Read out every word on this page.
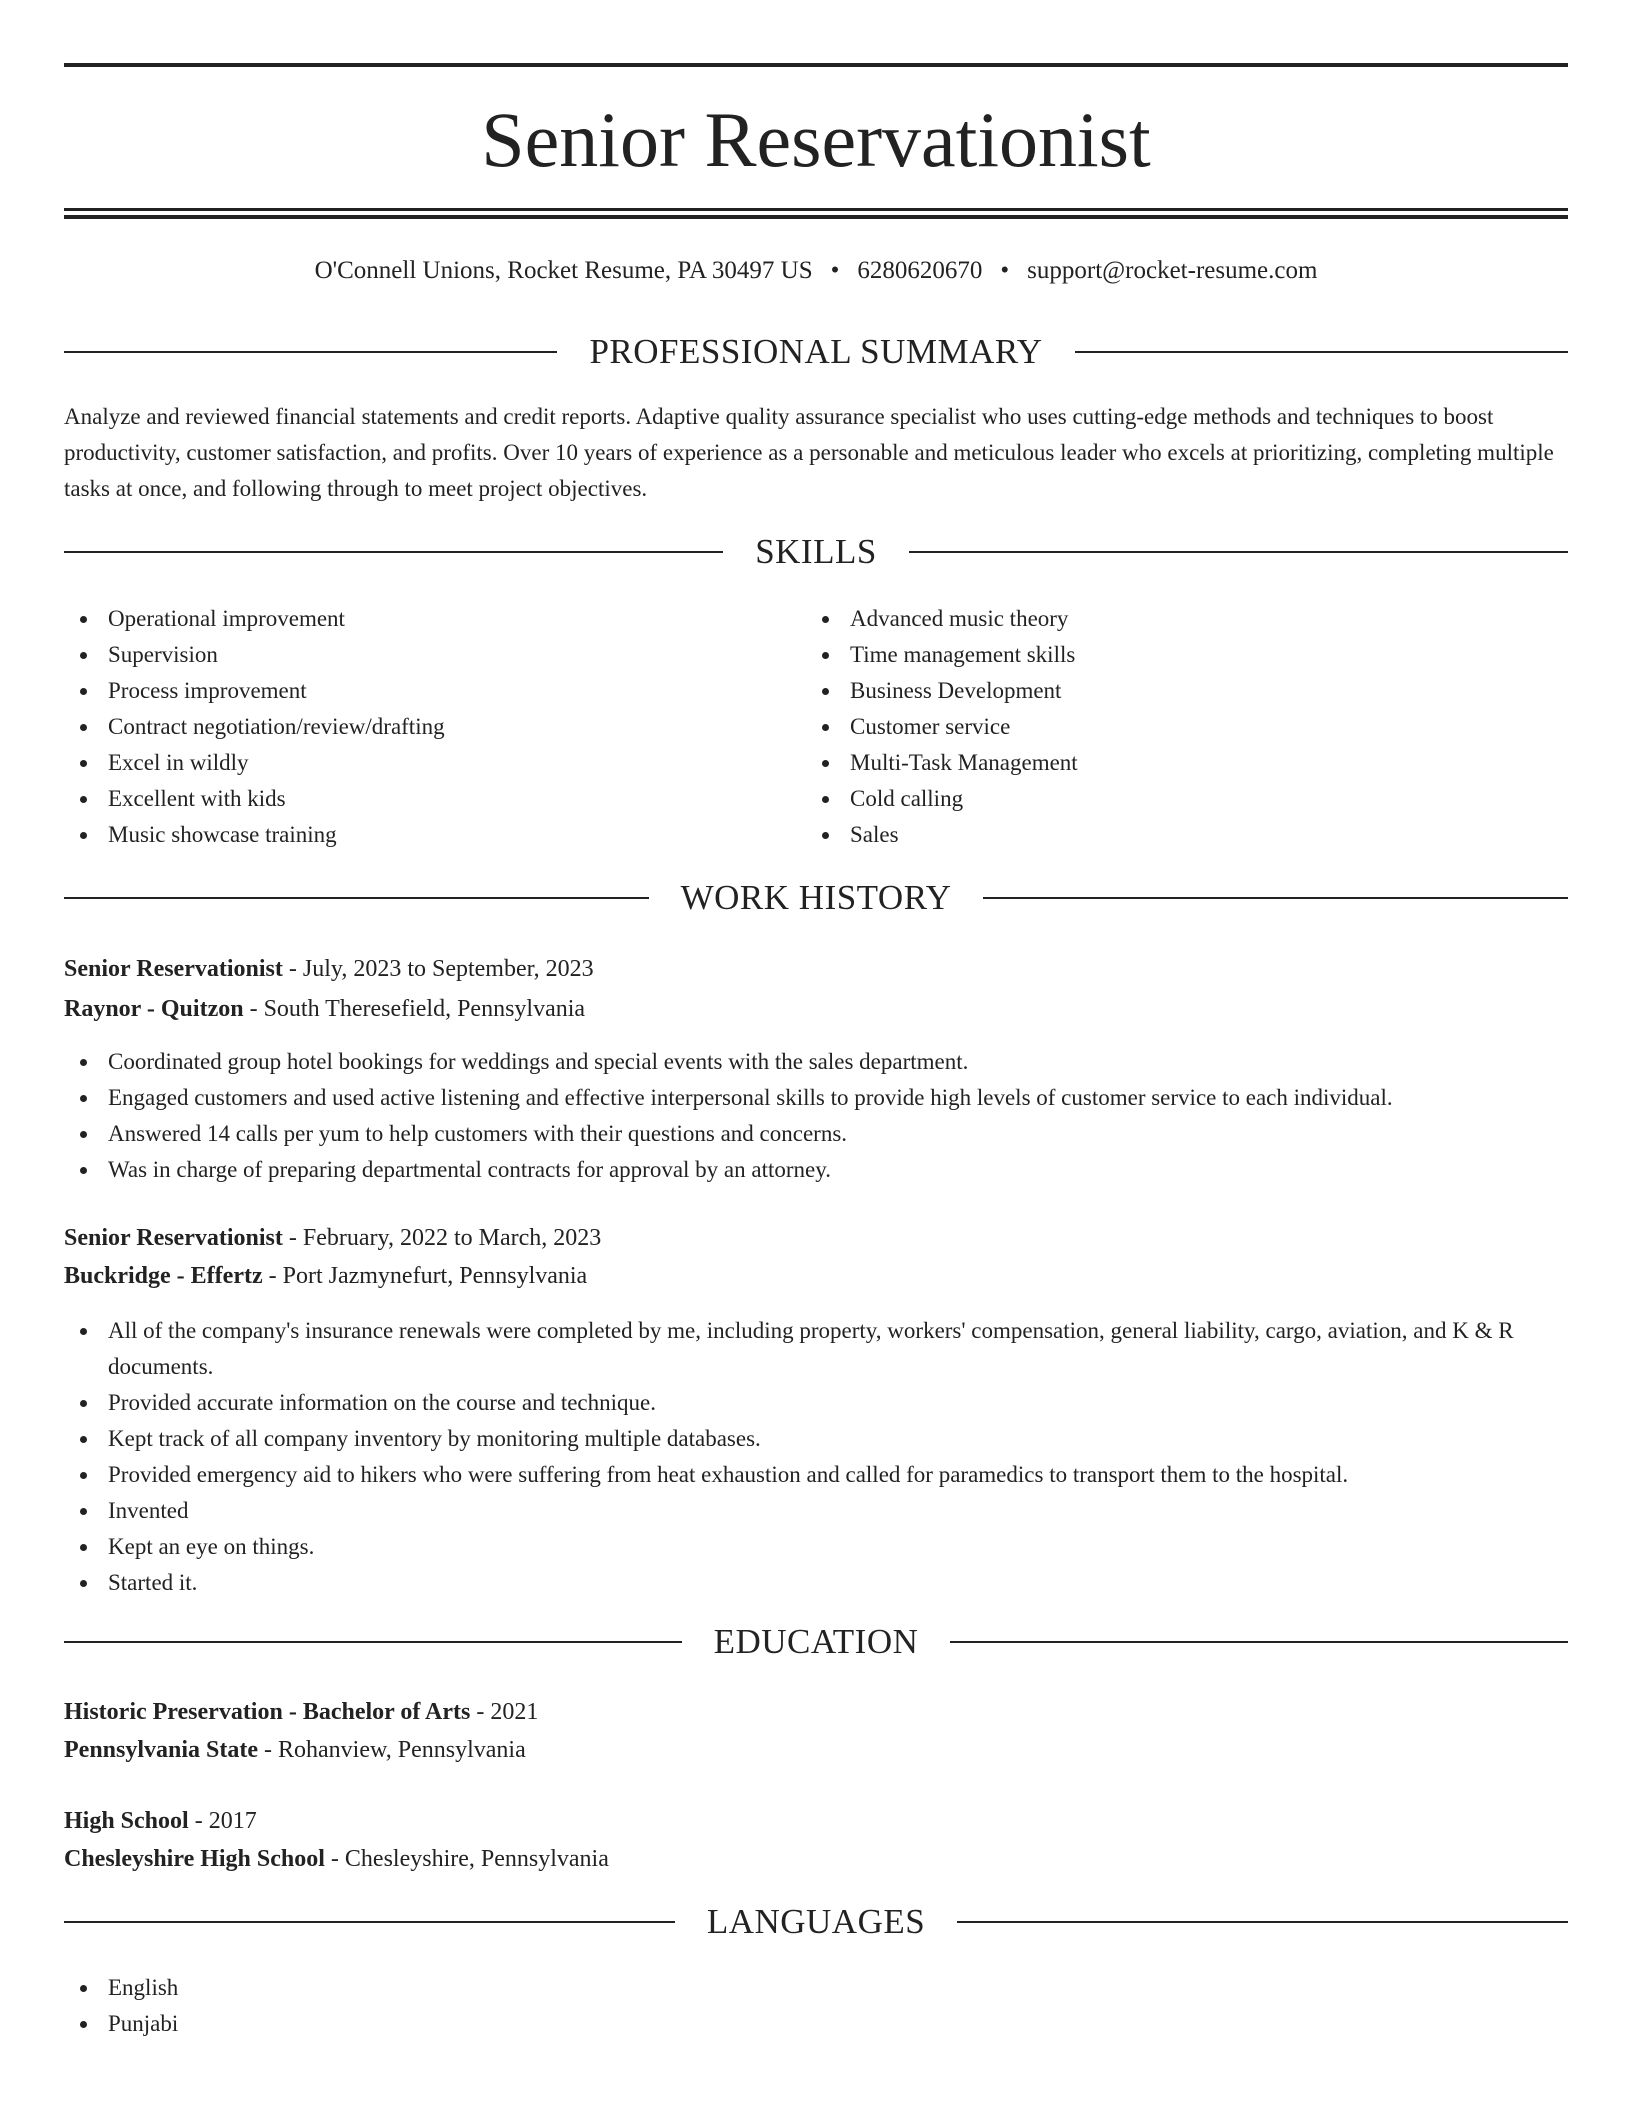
Senior Reservationist
O'Connell Unions, Rocket Resume, PA 30497 US • 6280620670 • support@rocket-resume.com
PROFESSIONAL SUMMARY

Analyze and reviewed financial statements and credit reports. Adaptive quality assurance specialist who uses cutting-edge methods and techniques to boost productivity, customer satisfaction, and profits. Over 10 years of experience as a personable and meticulous leader who excels at prioritizing, completing multiple tasks at once, and following through to meet project objectives.

SKILLS
Operational improvement
Supervision
Process improvement
Contract negotiation/review/drafting
Excel in wildly
Excellent with kids
Music showcase training
Advanced music theory
Time management skills
Business Development
Customer service
Multi-Task Management
Cold calling
Sales
WORK HISTORY
Senior Reservationist - July, 2023 to September, 2023
Raynor - Quitzon - South Theresefield, Pennsylvania
Coordinated group hotel bookings for weddings and special events with the sales department.
Engaged customers and used active listening and effective interpersonal skills to provide high levels of customer service to each individual.
Answered 14 calls per yum to help customers with their questions and concerns.
Was in charge of preparing departmental contracts for approval by an attorney.
Senior Reservationist - February, 2022 to March, 2023
Buckridge - Effertz - Port Jazmynefurt, Pennsylvania
All of the company's insurance renewals were completed by me, including property, workers' compensation, general liability, cargo, aviation, and K & R documents.
Provided accurate information on the course and technique.
Kept track of all company inventory by monitoring multiple databases.
Provided emergency aid to hikers who were suffering from heat exhaustion and called for paramedics to transport them to the hospital.
Invented
Kept an eye on things.
Started it.
EDUCATION
Historic Preservation - Bachelor of Arts - 2021
Pennsylvania State - Rohanview, Pennsylvania
High School - 2017
Chesleyshire High School - Chesleyshire, Pennsylvania
LANGUAGES
English
Punjabi
